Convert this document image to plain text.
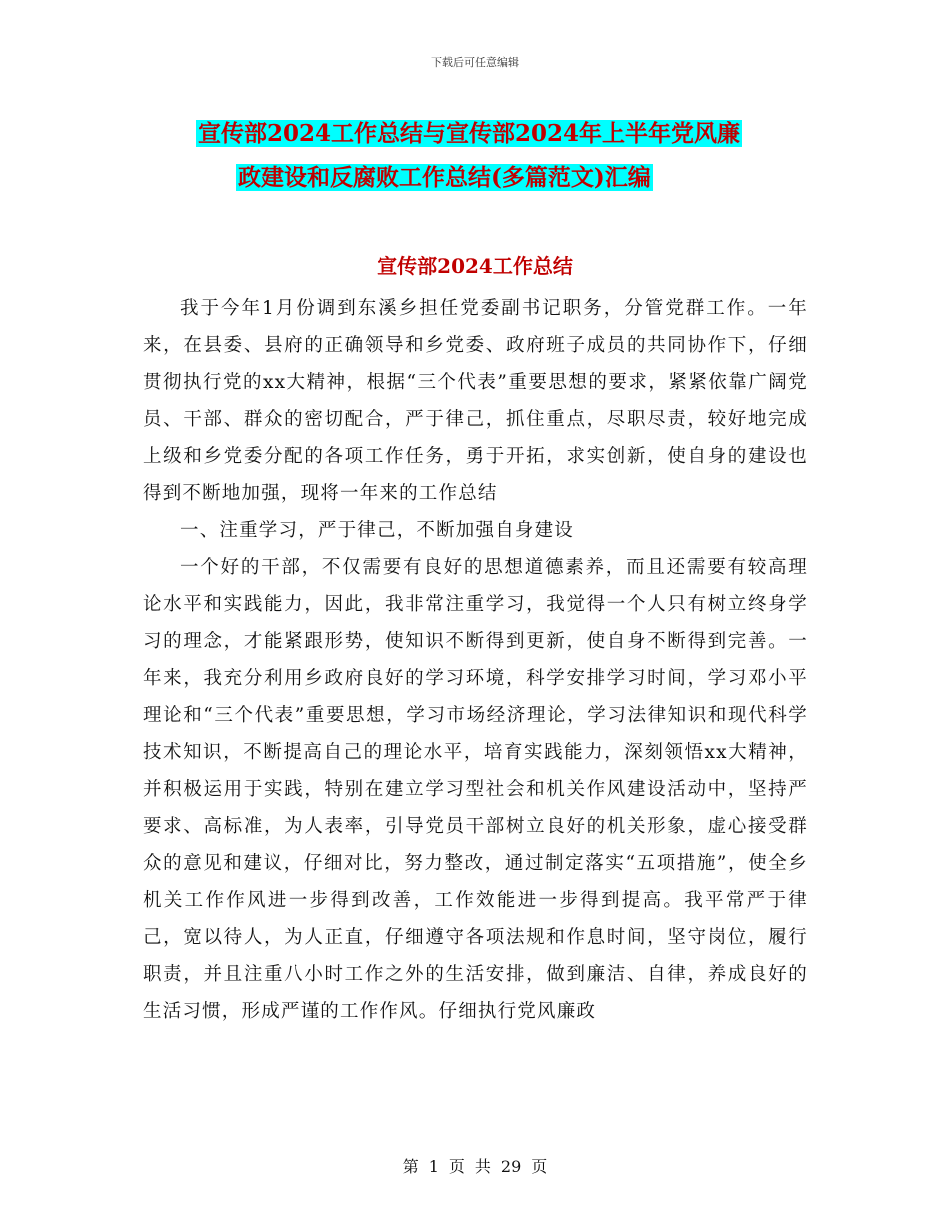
下载后可任意编辑
宣传部2024工作总结与宣传部2024年上半年党风廉
政建设和反腐败工作总结(多篇范文)汇编
宣传部2024工作总结

我于今年1月份调到东溪乡担任党委副书记职务，分管党群工作。一年来，在县委、县府的正确领导和乡党委、政府班子成员的共同协作下，仔细贯彻执行党的xx大精神，根据“三个代表”重要思想的要求，紧紧依靠广阔党员、干部、群众的密切配合，严于律己，抓住重点，尽职尽责，较好地完成上级和乡党委分配的各项工作任务，勇于开拓，求实创新，使自身的建设也得到不断地加强，现将一年来的工作总结

一、注重学习，严于律己，不断加强自身建设

一个好的干部，不仅需要有良好的思想道德素养，而且还需要有较高理论水平和实践能力，因此，我非常注重学习，我觉得一个人只有树立终身学习的理念，才能紧跟形势，使知识不断得到更新，使自身不断得到完善。一年来，我充分利用乡政府良好的学习环境，科学安排学习时间，学习邓小平理论和“三个代表”重要思想，学习市场经济理论，学习法律知识和现代科学技术知识，不断提高自己的理论水平，培育实践能力，深刻领悟xx大精神，并积极运用于实践，特别在建立学习型社会和机关作风建设活动中，坚持严要求、高标准，为人表率，引导党员干部树立良好的机关形象，虚心接受群众的意见和建议，仔细对比，努力整改，通过制定落实“五项措施”，使全乡机关工作作风进一步得到改善，工作效能进一步得到提高。我平常严于律己，宽以待人，为人正直，仔细遵守各项法规和作息时间，坚守岗位，履行职责，并且注重八小时工作之外的生活安排，做到廉洁、自律，养成良好的生活习惯，形成严谨的工作作风。仔细执行党风廉政

第 1 页 共 29 页
